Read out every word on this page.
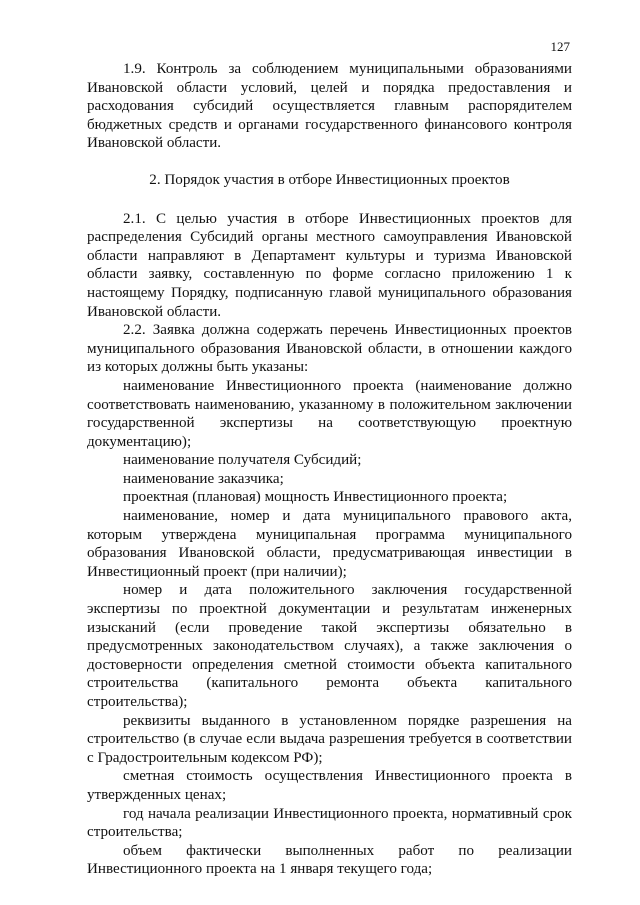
127

1.9. Контроль за соблюдением муниципальными образованиями Ивановской области условий, целей и порядка предоставления и расходования субсидий осуществляется главным распорядителем бюджетных средств и органами государственного финансового контроля Ивановской области.

2. Порядок участия в отборе Инвестиционных проектов

2.1. С целью участия в отборе Инвестиционных проектов для распределения Субсидий органы местного самоуправления Ивановской области направляют в Департамент культуры и туризма Ивановской области заявку, составленную по форме согласно приложению 1 к настоящему Порядку, подписанную главой муниципального образования Ивановской области.

2.2. Заявка должна содержать перечень Инвестиционных проектов муниципального образования Ивановской области, в отношении каждого из которых должны быть указаны:

наименование Инвестиционного проекта (наименование должно соответствовать наименованию, указанному в положительном заключении государственной экспертизы на соответствующую проектную документацию);

наименование получателя Субсидий;

наименование заказчика;

проектная (плановая) мощность Инвестиционного проекта;

наименование, номер и дата муниципального правового акта, которым утверждена муниципальная программа муниципального образования Ивановской области, предусматривающая инвестиции в Инвестиционный проект (при наличии);

номер и дата положительного заключения государственной экспертизы по проектной документации и результатам инженерных изысканий (если проведение такой экспертизы обязательно в предусмотренных законодательством случаях), а также заключения о достоверности определения сметной стоимости объекта капитального строительства (капитального ремонта объекта капитального строительства);

реквизиты выданного в установленном порядке разрешения на строительство (в случае если выдача разрешения требуется в соответствии с Градостроительным кодексом РФ);

сметная стоимость осуществления Инвестиционного проекта в утвержденных ценах;

год начала реализации Инвестиционного проекта, нормативный срок строительства;

объем фактически выполненных работ по реализации Инвестиционного проекта на 1 января текущего года;
